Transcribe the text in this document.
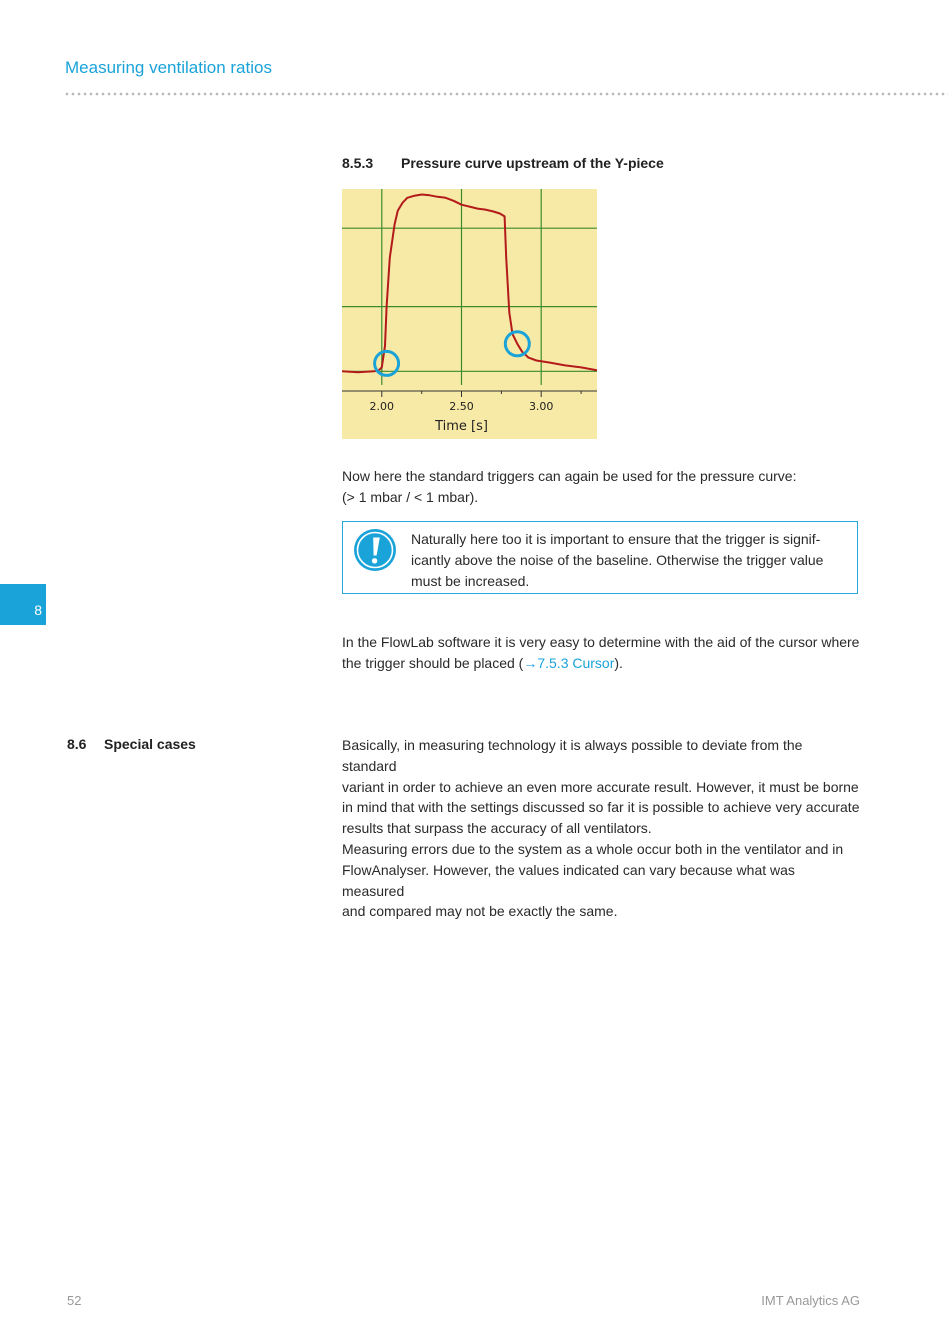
Measuring ventilation ratios
8.5.3 Pressure curve upstream of the Y-piece
2.00	2.50	3.00
Time [s]
Now here the standard triggers can again be used for the pressure curve:
(> 1 mbar / < 1 mbar).
Naturally here too it is important to ensure that the trigger is signif-
icantly above the noise of the baseline. Otherwise the trigger value
must be increased.
8
In the FlowLab software it is very easy to determine with the aid of the cursor where
the trigger should be placed (→7.5.3 Cursor).
8.6 Special cases	Basically, in measuring technology it is always possible to deviate from the standard
variant in order to achieve an even more accurate result. However, it must be borne
in mind that with the settings discussed so far it is possible to achieve very accurate
results that surpass the accuracy of all ventilators.
Measuring errors due to the system as a whole occur both in the ventilator and in
FlowAnalyser. However, the values indicated can vary because what was measured
and compared may not be exactly the same.
52	IMT Analytics AG
